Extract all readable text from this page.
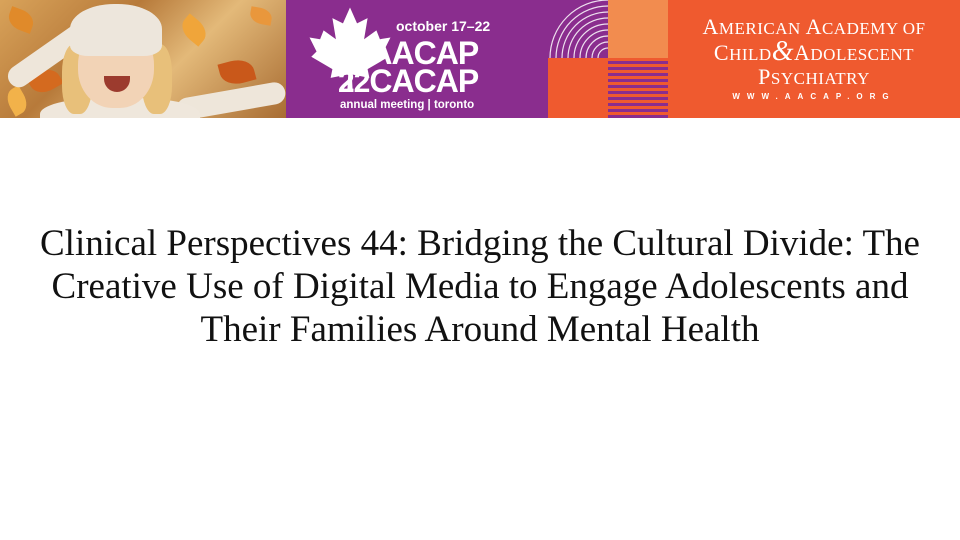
october 17–22
20AACAP
22CACAP
annual meeting | toronto
AMERICAN ACADEMY OF
CHILD&ADOLESCENT
PSYCHIATRY
WWW.AACAP.ORG
Clinical Perspectives 44: Bridging the Cultural Divide: The Creative Use of Digital Media to Engage Adolescents and Their Families Around Mental Health
